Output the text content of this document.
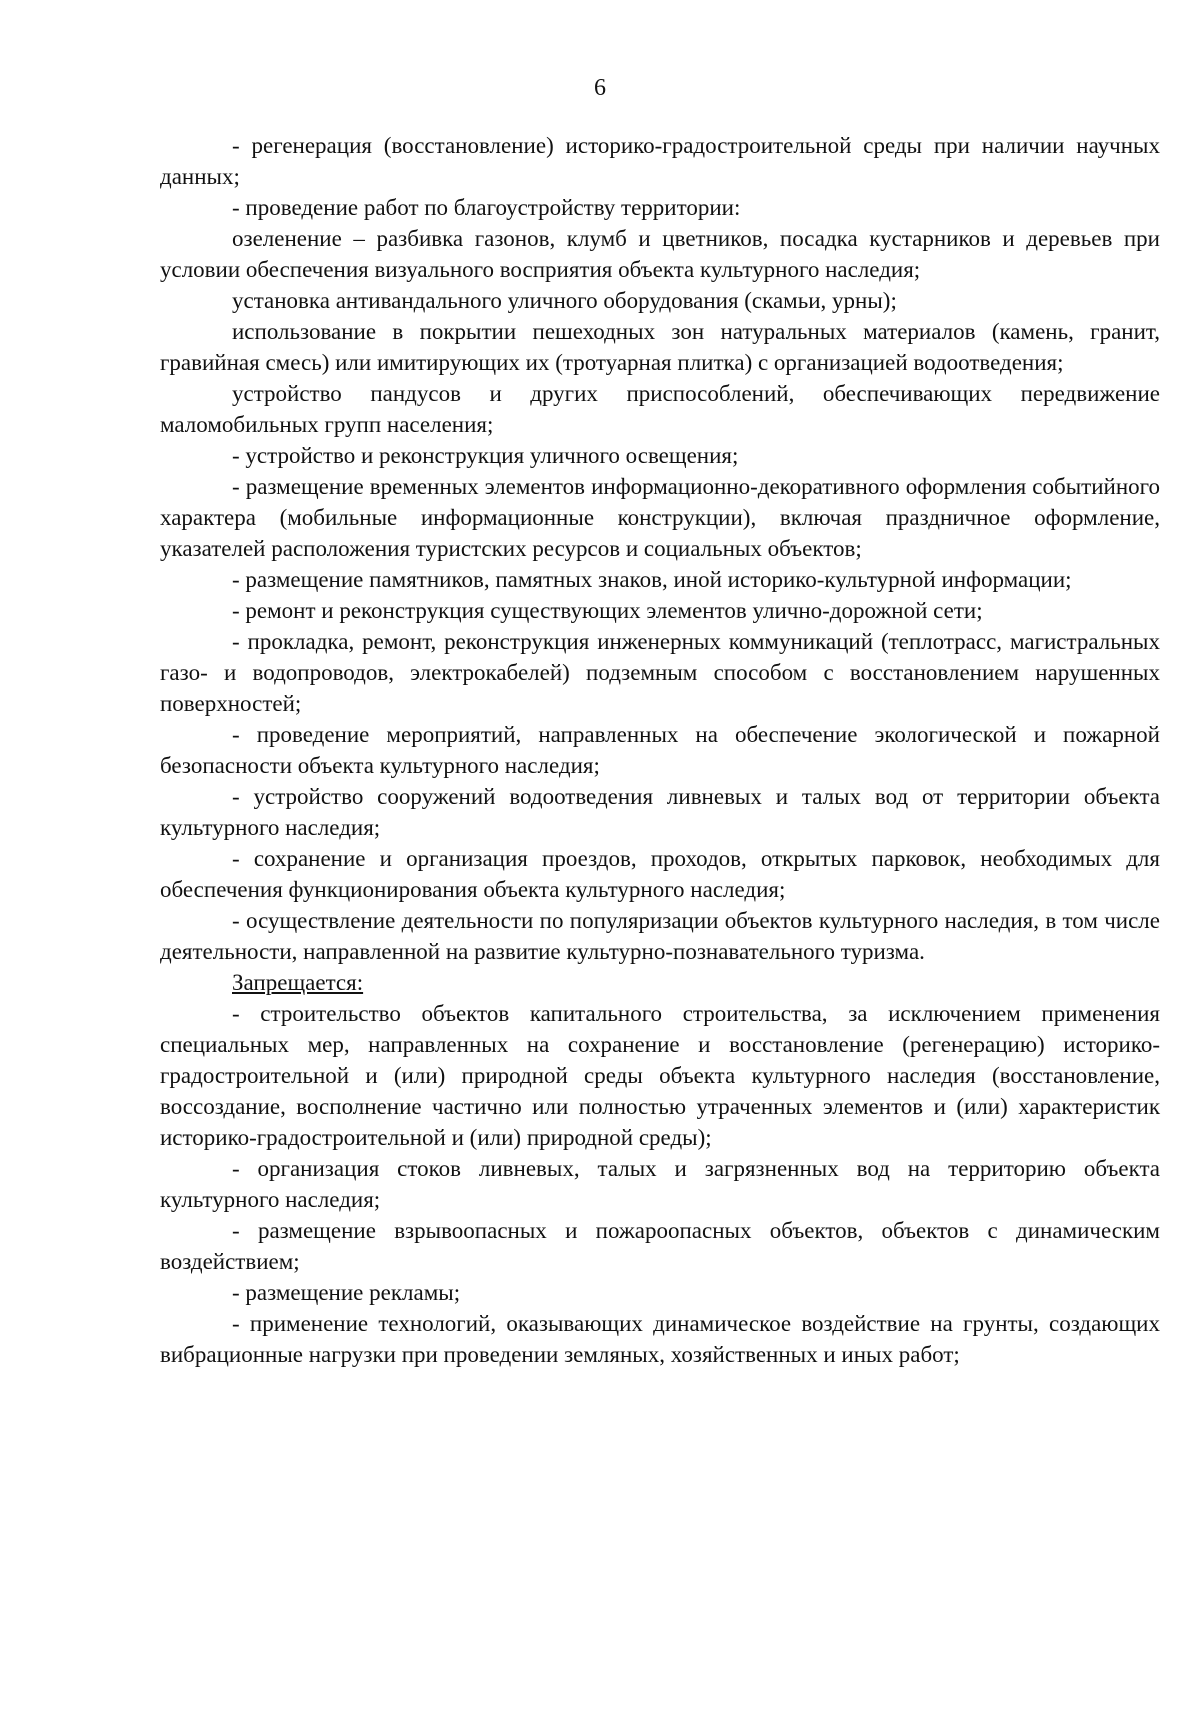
6

- регенерация (восстановление) историко-градостроительной среды при наличии научных данных;

- проведение работ по благоустройству территории:

озеленение – разбивка газонов, клумб и цветников, посадка кустарников и деревьев при условии обеспечения визуального восприятия объекта культурного наследия;

установка антивандального уличного оборудования (скамьи, урны);

использование в покрытии пешеходных зон натуральных материалов (камень, гранит, гравийная смесь) или имитирующих их (тротуарная плитка) с организацией водоотведения;

устройство пандусов и других приспособлений, обеспечивающих передвижение маломобильных групп населения;

- устройство и реконструкция уличного освещения;

- размещение временных элементов информационно-декоративного оформления событийного характера (мобильные информационные конструкции), включая праздничное оформление, указателей расположения туристских ресурсов и социальных объектов;

- размещение памятников, памятных знаков, иной историко-культурной информации;

- ремонт и реконструкция существующих элементов улично-дорожной сети;

- прокладка, ремонт, реконструкция инженерных коммуникаций (теплотрасс, магистральных газо- и водопроводов, электрокабелей) подземным способом с восстановлением нарушенных поверхностей;

- проведение мероприятий, направленных на обеспечение экологической и пожарной безопасности объекта культурного наследия;

- устройство сооружений водоотведения ливневых и талых вод от территории объекта культурного наследия;

- сохранение и организация проездов, проходов, открытых парковок, необходимых для обеспечения функционирования объекта культурного наследия;

- осуществление деятельности по популяризации объектов культурного наследия, в том числе деятельности, направленной на развитие культурно-познавательного туризма.

Запрещается:

- строительство объектов капитального строительства, за исключением применения специальных мер, направленных на сохранение и восстановление (регенерацию) историко-градостроительной и (или) природной среды объекта культурного наследия (восстановление, воссоздание, восполнение частично или полностью утраченных элементов и (или) характеристик историко-градостроительной и (или) природной среды);

- организация стоков ливневых, талых и загрязненных вод на территорию объекта культурного наследия;

- размещение взрывоопасных и пожароопасных объектов, объектов с динамическим воздействием;

- размещение рекламы;

- применение технологий, оказывающих динамическое воздействие на грунты, создающих вибрационные нагрузки при проведении земляных, хозяйственных и иных работ;
